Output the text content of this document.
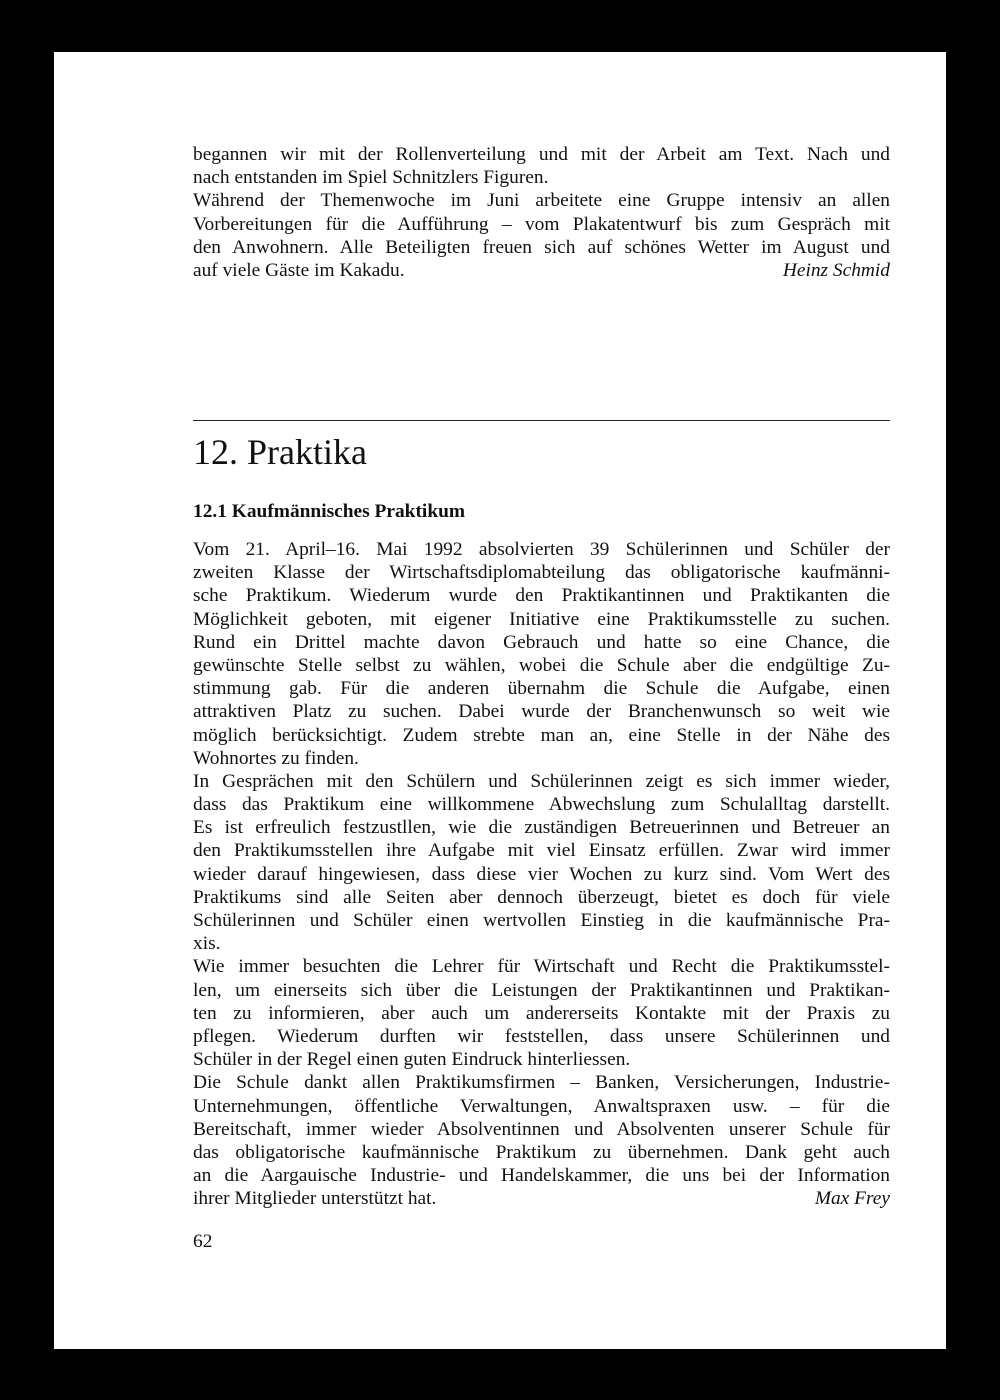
begannen wir mit der Rollenverteilung und mit der Arbeit am Text. Nach und
nach entstanden im Spiel Schnitzlers Figuren.
Während der Themenwoche im Juni arbeitete eine Gruppe intensiv an allen
Vorbereitungen für die Aufführung – vom Plakatentwurf bis zum Gespräch mit
den Anwohnern. Alle Beteiligten freuen sich auf schönes Wetter im August und
auf viele Gäste im Kakadu.	Heinz Schmid
12. Praktika
12.1 Kaufmännisches Praktikum
Vom 21. April–16. Mai 1992 absolvierten 39 Schülerinnen und Schüler der
zweiten Klasse der Wirtschaftsdiplomabteilung das obligatorische kaufmänni-
sche Praktikum. Wiederum wurde den Praktikantinnen und Praktikanten die
Möglichkeit geboten, mit eigener Initiative eine Praktikumsstelle zu suchen.
Rund ein Drittel machte davon Gebrauch und hatte so eine Chance, die
gewünschte Stelle selbst zu wählen, wobei die Schule aber die endgültige Zu-
stimmung gab. Für die anderen übernahm die Schule die Aufgabe, einen
attraktiven Platz zu suchen. Dabei wurde der Branchenwunsch so weit wie
möglich berücksichtigt. Zudem strebte man an, eine Stelle in der Nähe des
Wohnortes zu finden.
In Gesprächen mit den Schülern und Schülerinnen zeigt es sich immer wieder,
dass das Praktikum eine willkommene Abwechslung zum Schulalltag darstellt.
Es ist erfreulich festzustllen, wie die zuständigen Betreuerinnen und Betreuer an
den Praktikumsstellen ihre Aufgabe mit viel Einsatz erfüllen. Zwar wird immer
wieder darauf hingewiesen, dass diese vier Wochen zu kurz sind. Vom Wert des
Praktikums sind alle Seiten aber dennoch überzeugt, bietet es doch für viele
Schülerinnen und Schüler einen wertvollen Einstieg in die kaufmännische Pra-
xis.
Wie immer besuchten die Lehrer für Wirtschaft und Recht die Praktikumsstel-
len, um einerseits sich über die Leistungen der Praktikantinnen und Praktikan-
ten zu informieren, aber auch um andererseits Kontakte mit der Praxis zu
pflegen. Wiederum durften wir feststellen, dass unsere Schülerinnen und
Schüler in der Regel einen guten Eindruck hinterliessen.
Die Schule dankt allen Praktikumsfirmen – Banken, Versicherungen, Industrie-
Unternehmungen, öffentliche Verwaltungen, Anwaltspraxen usw. – für die
Bereitschaft, immer wieder Absolventinnen und Absolventen unserer Schule für
das obligatorische kaufmännische Praktikum zu übernehmen. Dank geht auch
an die Aargauische Industrie- und Handelskammer, die uns bei der Information
ihrer Mitglieder unterstützt hat.	Max Frey
62
